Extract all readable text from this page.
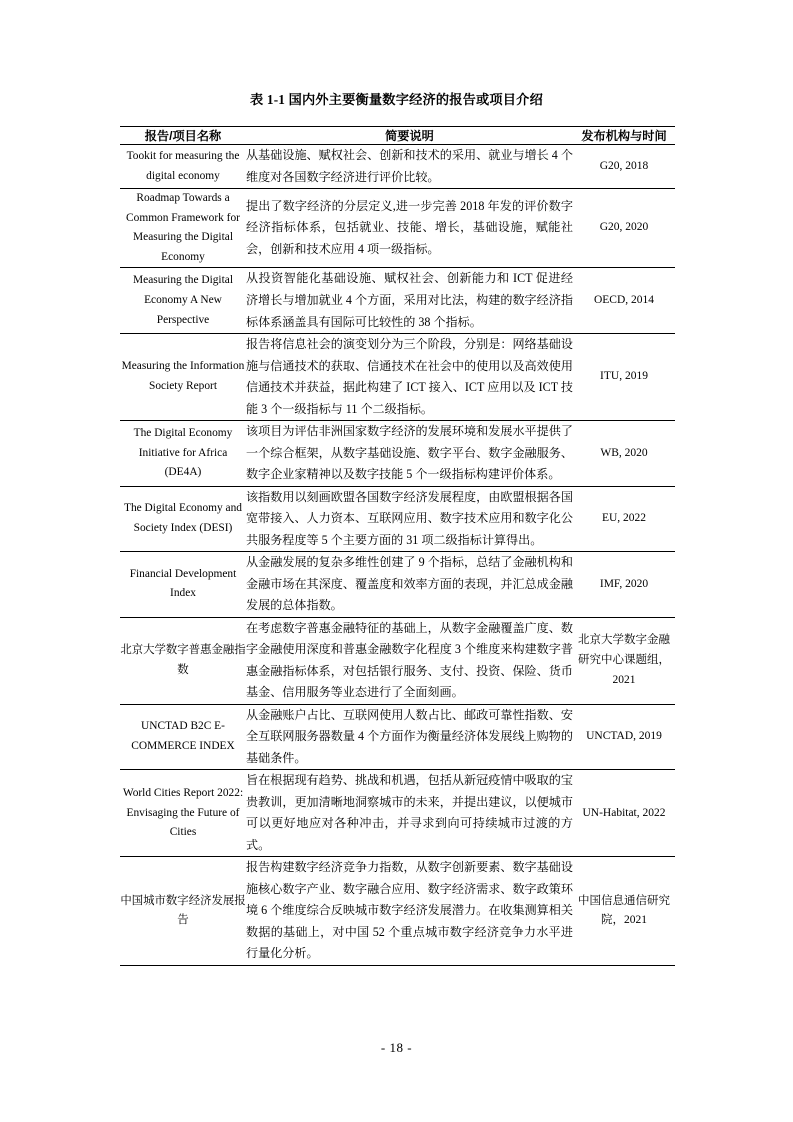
表 1-1 国内外主要衡量数字经济的报告或项目介绍
报告/项目名称	简要说明	发布机构与时间
Tookit for measuring the digital economy	从基础设施、赋权社会、创新和技术的采用、就业与增长 4 个维度对各国数字经济进行评价比较。	G20, 2018
Roadmap Towards a Common Framework for Measuring the Digital Economy	提出了数字经济的分层定义,进一步完善 2018 年发的评价数字经济指标体系，包括就业、技能、增长，基础设施，赋能社会，创新和技术应用 4 项一级指标。	G20, 2020
Measuring the Digital Economy A New Perspective	从投资智能化基础设施、赋权社会、创新能力和 ICT 促进经济增长与增加就业 4 个方面，采用对比法，构建的数字经济指标体系涵盖具有国际可比较性的 38 个指标。	OECD, 2014
Measuring the Information Society Report	报告将信息社会的演变划分为三个阶段，分别是：网络基础设施与信通技术的获取、信通技术在社会中的使用以及高效使用信通技术并获益，据此构建了 ICT 接入、ICT 应用以及 ICT 技能 3 个一级指标与 11 个二级指标。	ITU, 2019
The Digital Economy Initiative for Africa (DE4A)	该项目为评估非洲国家数字经济的发展环境和发展水平提供了一个综合框架，从数字基础设施、数字平台、数字金融服务、数字企业家精神以及数字技能 5 个一级指标构建评价体系。	WB, 2020
The Digital Economy and Society Index (DESI)	该指数用以刻画欧盟各国数字经济发展程度，由欧盟根据各国宽带接入、人力资本、互联网应用、数字技术应用和数字化公共服务程度等 5 个主要方面的 31 项二级指标计算得出。	EU, 2022
Financial Development Index	从金融发展的复杂多维性创建了 9 个指标，总结了金融机构和金融市场在其深度、覆盖度和效率方面的表现，并汇总成金融发展的总体指数。	IMF, 2020
北京大学数字普惠金融指数	在考虑数字普惠金融特征的基础上，从数字金融覆盖广度、数字金融使用深度和普惠金融数字化程度 3 个维度来构建数字普惠金融指标体系，对包括银行服务、支付、投资、保险、货币基金、信用服务等业态进行了全面刻画。	北京大学数字金融研究中心课题组，2021
UNCTAD B2C E-COMMERCE INDEX	从金融账户占比、互联网使用人数占比、邮政可靠性指数、安全互联网服务器数量 4 个方面作为衡量经济体发展线上购物的基础条件。	UNCTAD, 2019
World Cities Report 2022: Envisaging the Future of Cities	旨在根据现有趋势、挑战和机遇，包括从新冠疫情中吸取的宝贵教训，更加清晰地洞察城市的未来，并提出建议，以便城市可以更好地应对各种冲击，并寻求到向可持续城市过渡的方式。	UN-Habitat, 2022
中国城市数字经济发展报告	报告构建数字经济竞争力指数，从数字创新要素、数字基础设施核心数字产业、数字融合应用、数字经济需求、数字政策环境 6 个维度综合反映城市数字经济发展潜力。在收集测算相关数据的基础上，对中国 52 个重点城市数字经济竞争力水平进行量化分析。	中国信息通信研究院，2021
- 18 -
